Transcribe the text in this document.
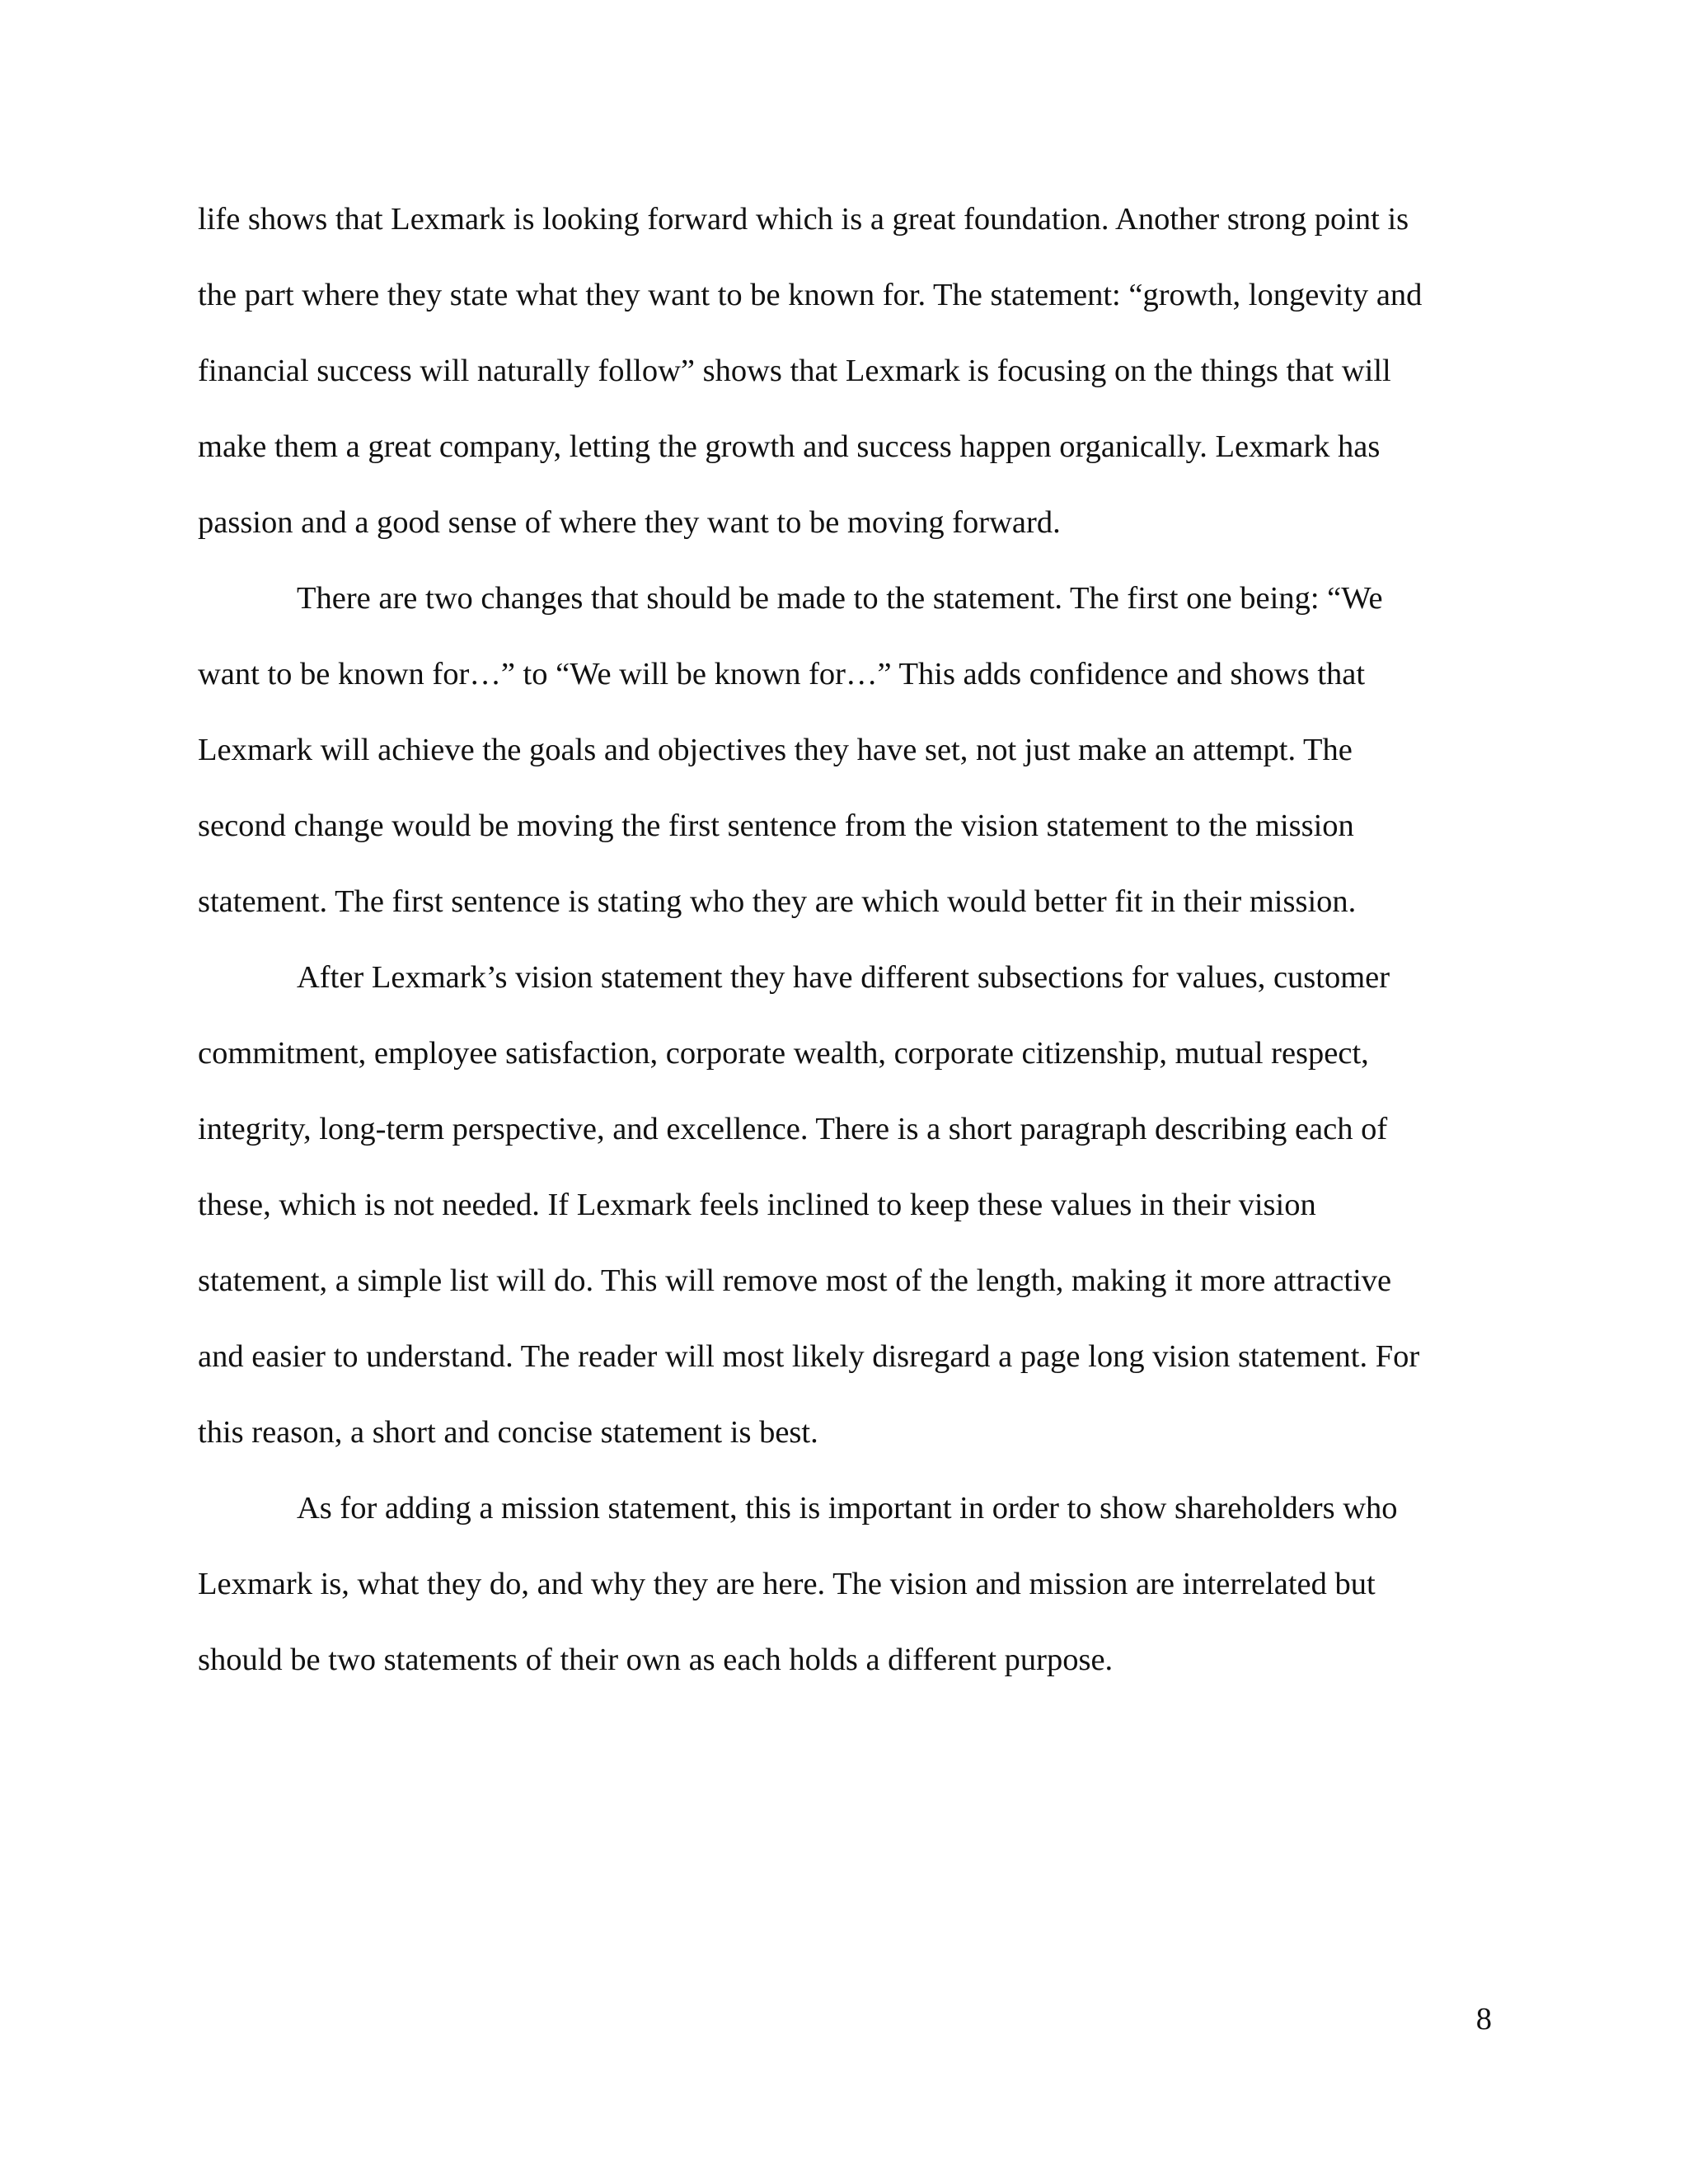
life shows that Lexmark is looking forward which is a great foundation. Another strong point is
the part where they state what they want to be known for. The statement: “growth, longevity and
financial success will naturally follow” shows that Lexmark is focusing on the things that will
make them a great company, letting the growth and success happen organically. Lexmark has
passion and a good sense of where they want to be moving forward.

There are two changes that should be made to the statement. The first one being: “We
want to be known for…” to “We will be known for…” This adds confidence and shows that
Lexmark will achieve the goals and objectives they have set, not just make an attempt. The
second change would be moving the first sentence from the vision statement to the mission
statement. The first sentence is stating who they are which would better fit in their mission.

After Lexmark’s vision statement they have different subsections for values, customer
commitment, employee satisfaction, corporate wealth, corporate citizenship, mutual respect,
integrity, long-term perspective, and excellence. There is a short paragraph describing each of
these, which is not needed. If Lexmark feels inclined to keep these values in their vision
statement, a simple list will do. This will remove most of the length, making it more attractive
and easier to understand. The reader will most likely disregard a page long vision statement. For
this reason, a short and concise statement is best.

As for adding a mission statement, this is important in order to show shareholders who
Lexmark is, what they do, and why they are here. The vision and mission are interrelated but
should be two statements of their own as each holds a different purpose.

8
